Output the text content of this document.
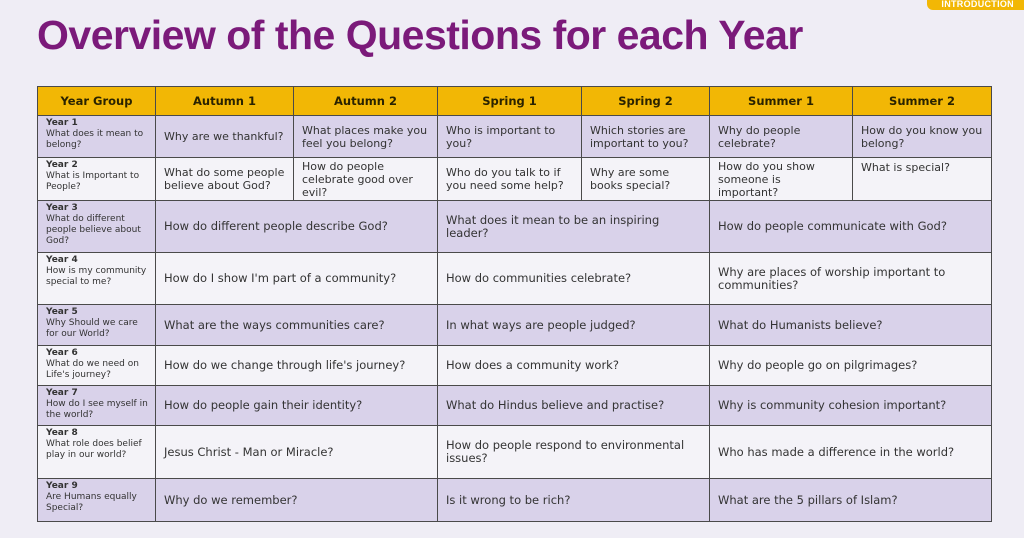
INTRODUCTION
Overview of the Questions for each Year
Year Group	Autumn 1	Autumn 2	Spring 1	Spring 2	Summer 1	Summer 2

Year 1
What does it mean to belong?	Why are we thankful?	What places make you feel you belong?	Who is important to you?	Which stories are important to you?	Why do people celebrate?	How do you know you belong?

Year 2
What is Important to People?	What do some people believe about God?	How do people celebrate good over evil?	Who do you talk to if you need some help?	Why are some books special?	How do you show someone is important?	What is special?

Year 3
What do different people believe about God?	How do different people describe God?		What does it mean to be an inspiring leader?		How do people communicate with God?	

Year 4
How is my community special to me?	How do I show I'm part of a community?		How do communities celebrate?		Why are places of worship important to communities?	

Year 5
Why Should we care for our World?	What are the ways communities care?		In what ways are people judged?		What do Humanists believe?	

Year 6
What do we need on Life's journey?	How do we change through life's journey?		How does a community work?		Why do people go on pilgrimages?	

Year 7
How do I see myself in the world?	How do people gain their identity?		What do Hindus believe and practise?		Why is community cohesion important?	

Year 8
What role does belief play in our world?	Jesus Christ - Man or Miracle?		How do people respond to environmental issues?		Who has made a difference in the world?	

Year 9
Are Humans equally Special?	Why do we remember?		Is it wrong to be rich?		What are the 5 pillars of Islam?	
